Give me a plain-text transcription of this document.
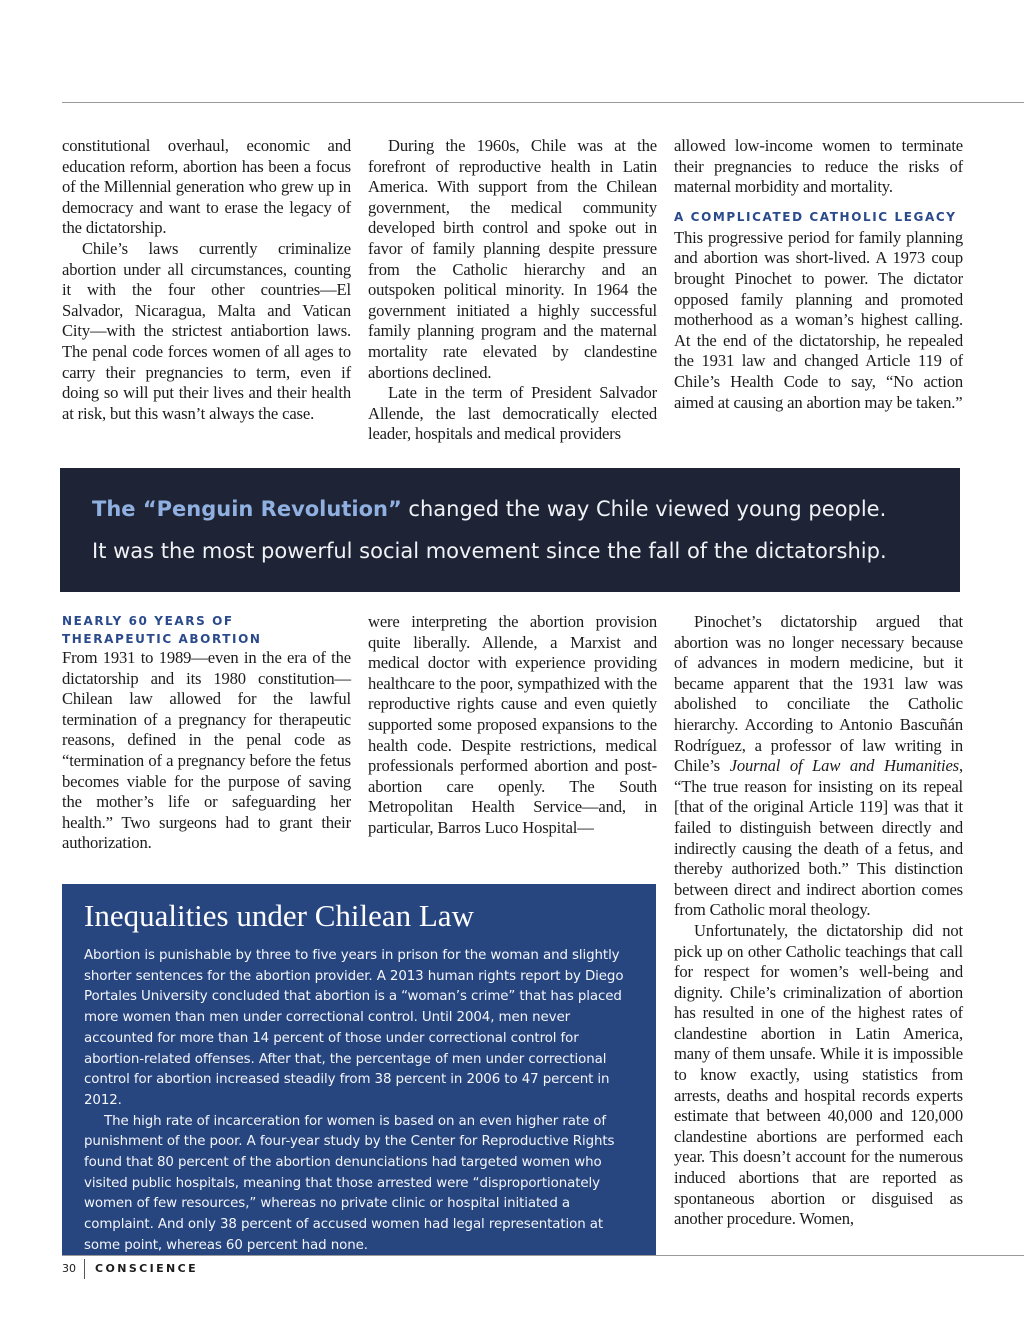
constitutional overhaul, economic and education reform, abortion has been a focus of the Millennial generation who grew up in democracy and want to erase the legacy of the dictatorship.

Chile’s laws currently criminalize abortion under all circumstances, counting it with the four other countries—El Salvador, Nicaragua, Malta and Vatican City—with the strictest antiabortion laws. The penal code forces women of all ages to carry their pregnancies to term, even if doing so will put their lives and their health at risk, but this wasn’t always the case.

During the 1960s, Chile was at the forefront of reproductive health in Latin America. With support from the Chilean government, the medical community developed birth control and spoke out in favor of family planning despite pressure from the Catholic hierarchy and an outspoken political minority. In 1964 the government initiated a highly successful family planning program and the maternal mortality rate elevated by clandestine abortions declined.

Late in the term of President Salvador Allende, the last democratically elected leader, hospitals and medical providers

allowed low-income women to terminate their pregnancies to reduce the risks of maternal morbidity and mortality.

A COMPLICATED CATHOLIC LEGACY

This progressive period for family planning and abortion was short-lived. A 1973 coup brought Pinochet to power. The dictator opposed family planning and promoted motherhood as a woman’s highest calling. At the end of the dictatorship, he repealed the 1931 law and changed Article 119 of Chile’s Health Code to say, “No action aimed at causing an abortion may be taken.”

The “Penguin Revolution” changed the way Chile viewed young people.
It was the most powerful social movement since the fall of the dictatorship.
NEARLY 60 YEARS OF
THERAPEUTIC ABORTION

From 1931 to 1989—even in the era of the dictatorship and its 1980 constitution—Chilean law allowed for the lawful termination of a pregnancy for therapeutic reasons, defined in the penal code as “termination of a pregnancy before the fetus becomes viable for the purpose of saving the mother’s life or safeguarding her health.” Two surgeons had to grant their authorization.

were interpreting the abortion provision quite liberally. Allende, a Marxist and medical doctor with experience providing healthcare to the poor, sympathized with the reproductive rights cause and even quietly supported some proposed expansions to the health code. Despite restrictions, medical professionals performed abortion and post-abortion care openly. The South Metropolitan Health Service—and, in particular, Barros Luco Hospital—

Pinochet’s dictatorship argued that abortion was no longer necessary because of advances in modern medicine, but it became apparent that the 1931 law was abolished to conciliate the Catholic hierarchy. According to Antonio Bascuñán Rodríguez, a professor of law writing in Chile’s Journal of Law and Humanities, “The true reason for insisting on its repeal [that of the original Article 119] was that it failed to distinguish between directly and indirectly causing the death of a fetus, and thereby authorized both.” This distinction between direct and indirect abortion comes from Catholic moral theology.

Unfortunately, the dictatorship did not pick up on other Catholic teachings that call for respect for women’s well-being and dignity. Chile’s criminalization of abortion has resulted in one of the highest rates of clandestine abortion in Latin America, many of them unsafe. While it is impossible to know exactly, using statistics from arrests, deaths and hospital records experts estimate that between 40,000 and 120,000 clandestine abortions are performed each year. This doesn’t account for the numerous induced abortions that are reported as spontaneous abortion or disguised as another procedure. Women,

Inequalities under Chilean Law

Abortion is punishable by three to five years in prison for the woman and slightly shorter sentences for the abortion provider. A 2013 human rights report by Diego Portales University concluded that abortion is a “woman’s crime” that has placed more women than men under correctional control. Until 2004, men never accounted for more than 14 percent of those under correctional control for abortion-related offenses. After that, the percentage of men under correctional control for abortion increased steadily from 38 percent in 2006 to 47 percent in 2012.

The high rate of incarceration for women is based on an even higher rate of punishment of the poor. A four-year study by the Center for Reproductive Rights found that 80 percent of the abortion denunciations had targeted women who visited public hospitals, meaning that those arrested were “disproportionately women of few resources,” whereas no private clinic or hospital initiated a complaint. And only 38 percent of accused women had legal representation at some point, whereas 60 percent had none.

30	CONSCIENCE
